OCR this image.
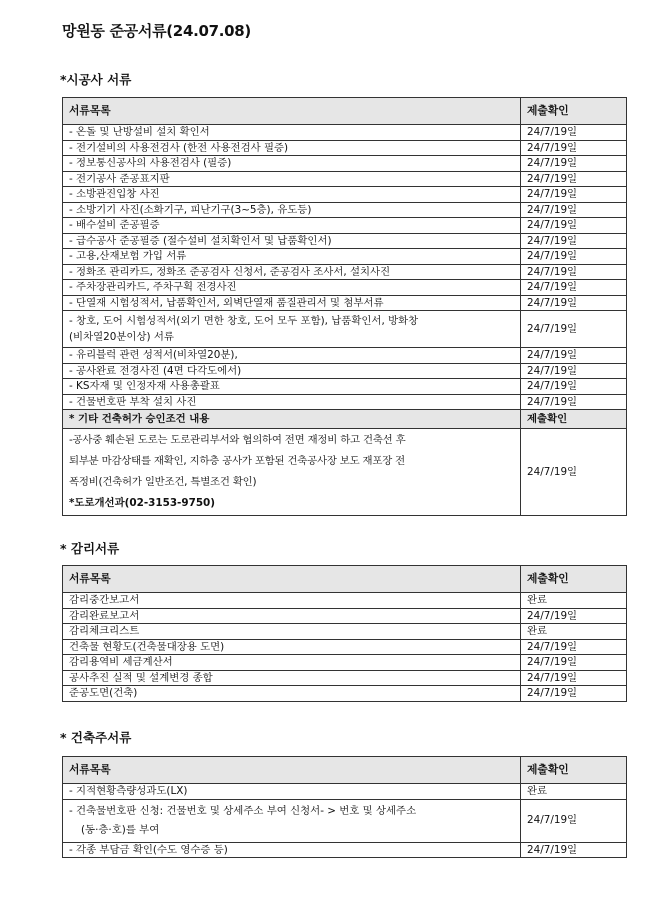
망원동 준공서류(24.07.08)
*시공사 서류
서류목록	제출확인
- 온돌 및 난방설비 설치 확인서	24/7/19일
- 전기설비의 사용전검사 (한전 사용전검사 필증)	24/7/19일
- 정보통신공사의 사용전검사 (필증)	24/7/19일
- 전기공사 준공표지판	24/7/19일
- 소방관진입창 사진	24/7/19일
- 소방기기 사진(소화기구, 피난기구(3~5층), 유도등)	24/7/19일
- 배수설비 준공필증	24/7/19일
- 급수공사 준공필증 (절수설비 설치확인서 및 납품확인서)	24/7/19일
- 고용,산재보험 가입 서류	24/7/19일
- 정화조 관리카드, 정화조 준공검사 신청서, 준공검사 조사서, 설치사진	24/7/19일
- 주차장관리카드, 주차구획 전경사진	24/7/19일
- 단열재 시험성적서, 납품확인서, 외벽단열재 품질관리서 및 첨부서류	24/7/19일

- 창호, 도어 시험성적서(외기 면한 창호, 도어 모두 포함), 납품확인서, 방화창
(비차열20분이상) 서류	24/7/19일
- 유리블럭 관련 성적서(비차열20분),	24/7/19일
- 공사완료 전경사진 (4면 다각도에서)	24/7/19일
- KS자재 및 인정자재 사용총괄표	24/7/19일
- 건물번호판 부착 설치 사진	24/7/19일
* 기타 건축허가 승인조건 내용	제출확인

-공사중 훼손된 도로는 도로관리부서와 협의하여 전면 재정비 하고 건축선 후
퇴부분 마감상태를 재확인, 지하층 공사가 포함된 건축공사장 보도 재포장 전
폭정비(건축허가 일반조건, 특별조건 확인)
*도로개선과(02-3153-9750)	24/7/19일
* 감리서류
서류목록	제출확인
감리중간보고서	완료
감리완료보고서	24/7/19일
감리체크리스트	완료
건축물 현황도(건축물대장용 도면)	24/7/19일
감리용역비 세금계산서	24/7/19일
공사추진 실적 및 설계변경 종합	24/7/19일
준공도면(건축)	24/7/19일
* 건축주서류
서류목록	제출확인
- 지적현황측량성과도(LX)	완료

- 건축물번호판 신청: 건물번호 및 상세주소 부여 신청서- > 번호 및 상세주소
(동·층·호)를 부여	24/7/19일
- 각종 부담금 확인(수도 영수증 등)	24/7/19일
